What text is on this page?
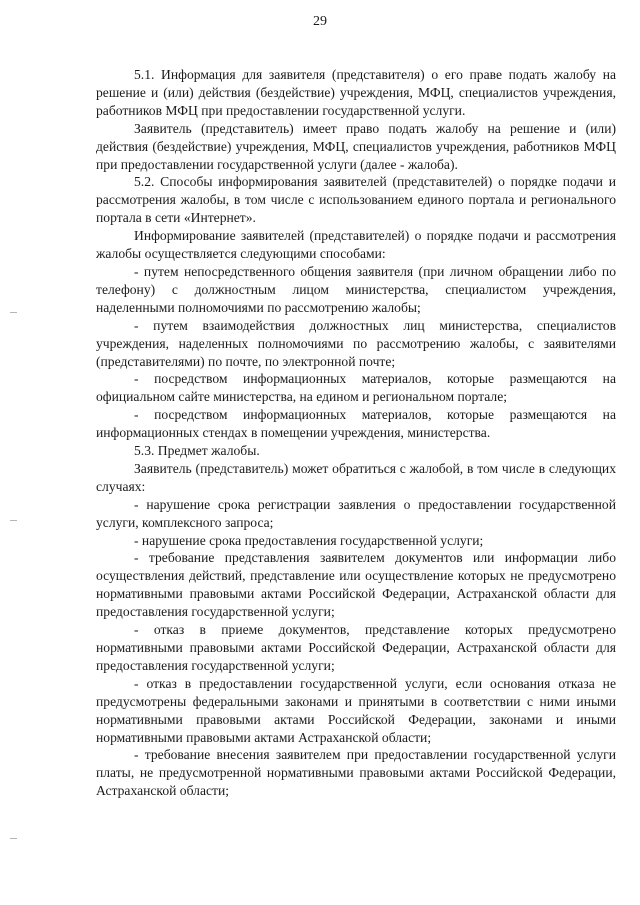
29

5.1. Информация для заявителя (представителя) о его праве подать жалобу на решение и (или) действия (бездействие) учреждения, МФЦ, специалистов учреждения, работников МФЦ при предоставлении государственной услуги.

Заявитель (представитель) имеет право подать жалобу на решение и (или) действия (бездействие) учреждения, МФЦ, специалистов учреждения, работников МФЦ при предоставлении государственной услуги (далее - жалоба).

5.2. Способы информирования заявителей (представителей) о порядке подачи и рассмотрения жалобы, в том числе с использованием единого портала и регионального портала в сети «Интернет».

Информирование заявителей (представителей) о порядке подачи и рассмотрения жалобы осуществляется следующими способами:

- путем непосредственного общения заявителя (при личном обращении либо по телефону) с должностным лицом министерства, специалистом учреждения, наделенными полномочиями по рассмотрению жалобы;

- путем взаимодействия должностных лиц министерства, специалистов учреждения, наделенных полномочиями по рассмотрению жалобы, с заявителями (представителями) по почте, по электронной почте;

- посредством информационных материалов, которые размещаются на официальном сайте министерства, на едином и региональном портале;

- посредством информационных материалов, которые размещаются на информационных стендах в помещении учреждения, министерства.

5.3. Предмет жалобы.

Заявитель (представитель) может обратиться с жалобой, в том числе в следующих случаях:

- нарушение срока регистрации заявления о предоставлении государственной услуги, комплексного запроса;

- нарушение срока предоставления государственной услуги;

- требование представления заявителем документов или информации либо осуществления действий, представление или осуществление которых не предусмотрено нормативными правовыми актами Российской Федерации, Астраханской области для предоставления государственной услуги;

- отказ в приеме документов, представление которых предусмотрено нормативными правовыми актами Российской Федерации, Астраханской области для предоставления государственной услуги;

- отказ в предоставлении государственной услуги, если основания отказа не предусмотрены федеральными законами и принятыми в соответствии с ними иными нормативными правовыми актами Российской Федерации, законами и иными нормативными правовыми актами Астраханской области;

- требование внесения заявителем при предоставлении государственной услуги платы, не предусмотренной нормативными правовыми актами Российской Федерации, Астраханской области;
